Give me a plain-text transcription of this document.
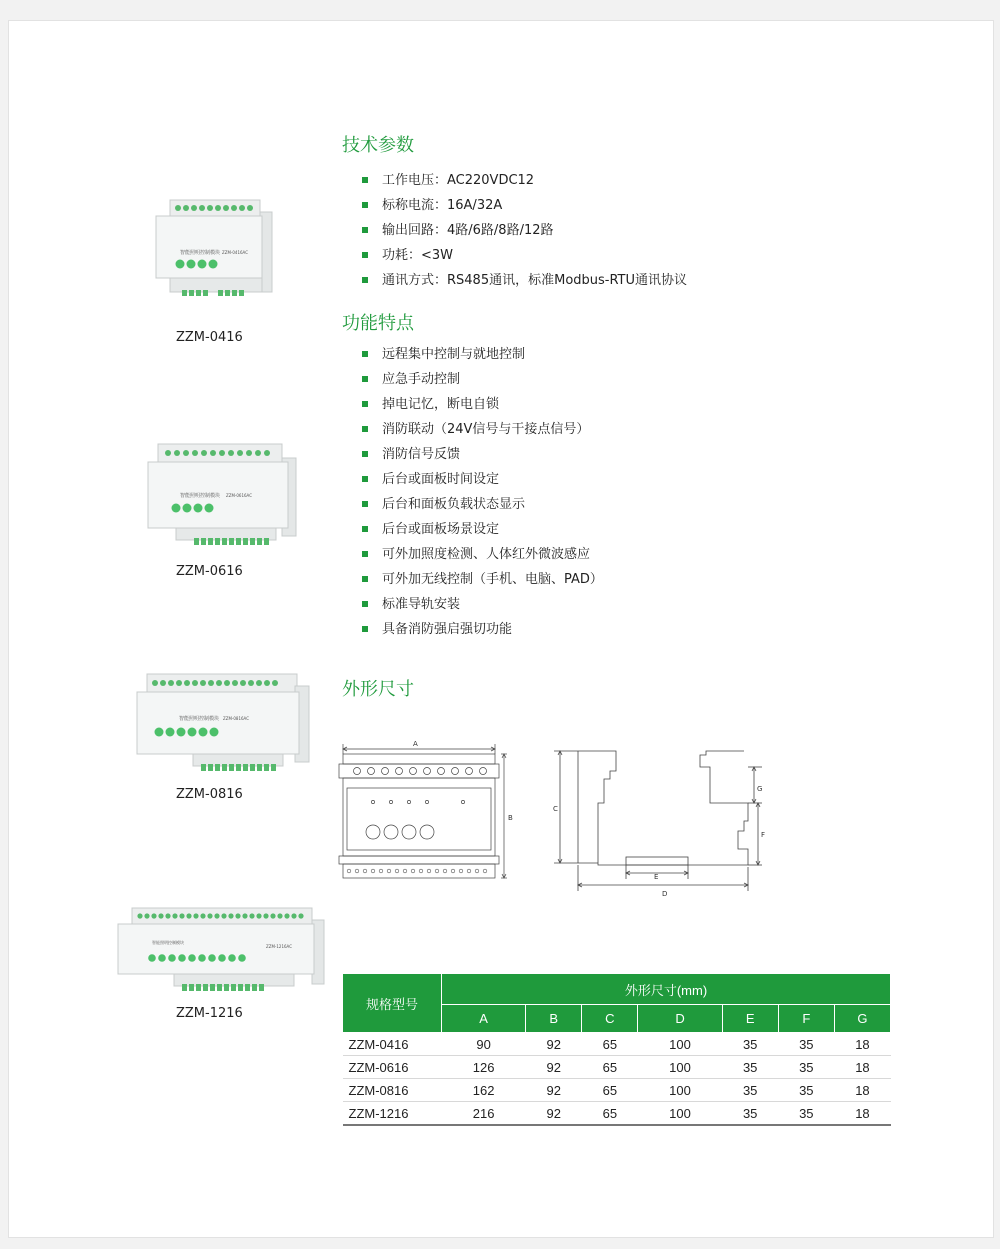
技术参数
功能特点
外形尺寸
工作电压：AC220VDC12
标称电流：16A/32A
输出回路：4路/6路/8路/12路
功耗：<3W
通讯方式：RS485通讯，标准Modbus-RTU通讯协议
远程集中控制与就地控制
应急手动控制
掉电记忆，断电自锁
消防联动（24V信号与干接点信号）
消防信号反馈
后台或面板时间设定
后台和面板负载状态显示
后台或面板场景设定
可外加照度检测、人体红外微波感应
可外加无线控制（手机、电脑、PAD）
标准导轨安装
具备消防强启强切功能
智能照明控制模块 ZZM-0416AC
ZZM-0416
智能照明控制模块 ZZM-0616AC
ZZM-0616
智能照明控制模块 ZZM-0816AC
ZZM-0816
智能照明控制模块
ZZM-1216AC
ZZM-1216
A
B
C
D
E
F
G
规格型号	外形尺寸(mm)						
	A	B	C	D	E	F	G
ZZM-0416	90	92	65	100	35	35	18
ZZM-0616	126	92	65	100	35	35	18
ZZM-0816	162	92	65	100	35	35	18
ZZM-1216	216	92	65	100	35	35	18
